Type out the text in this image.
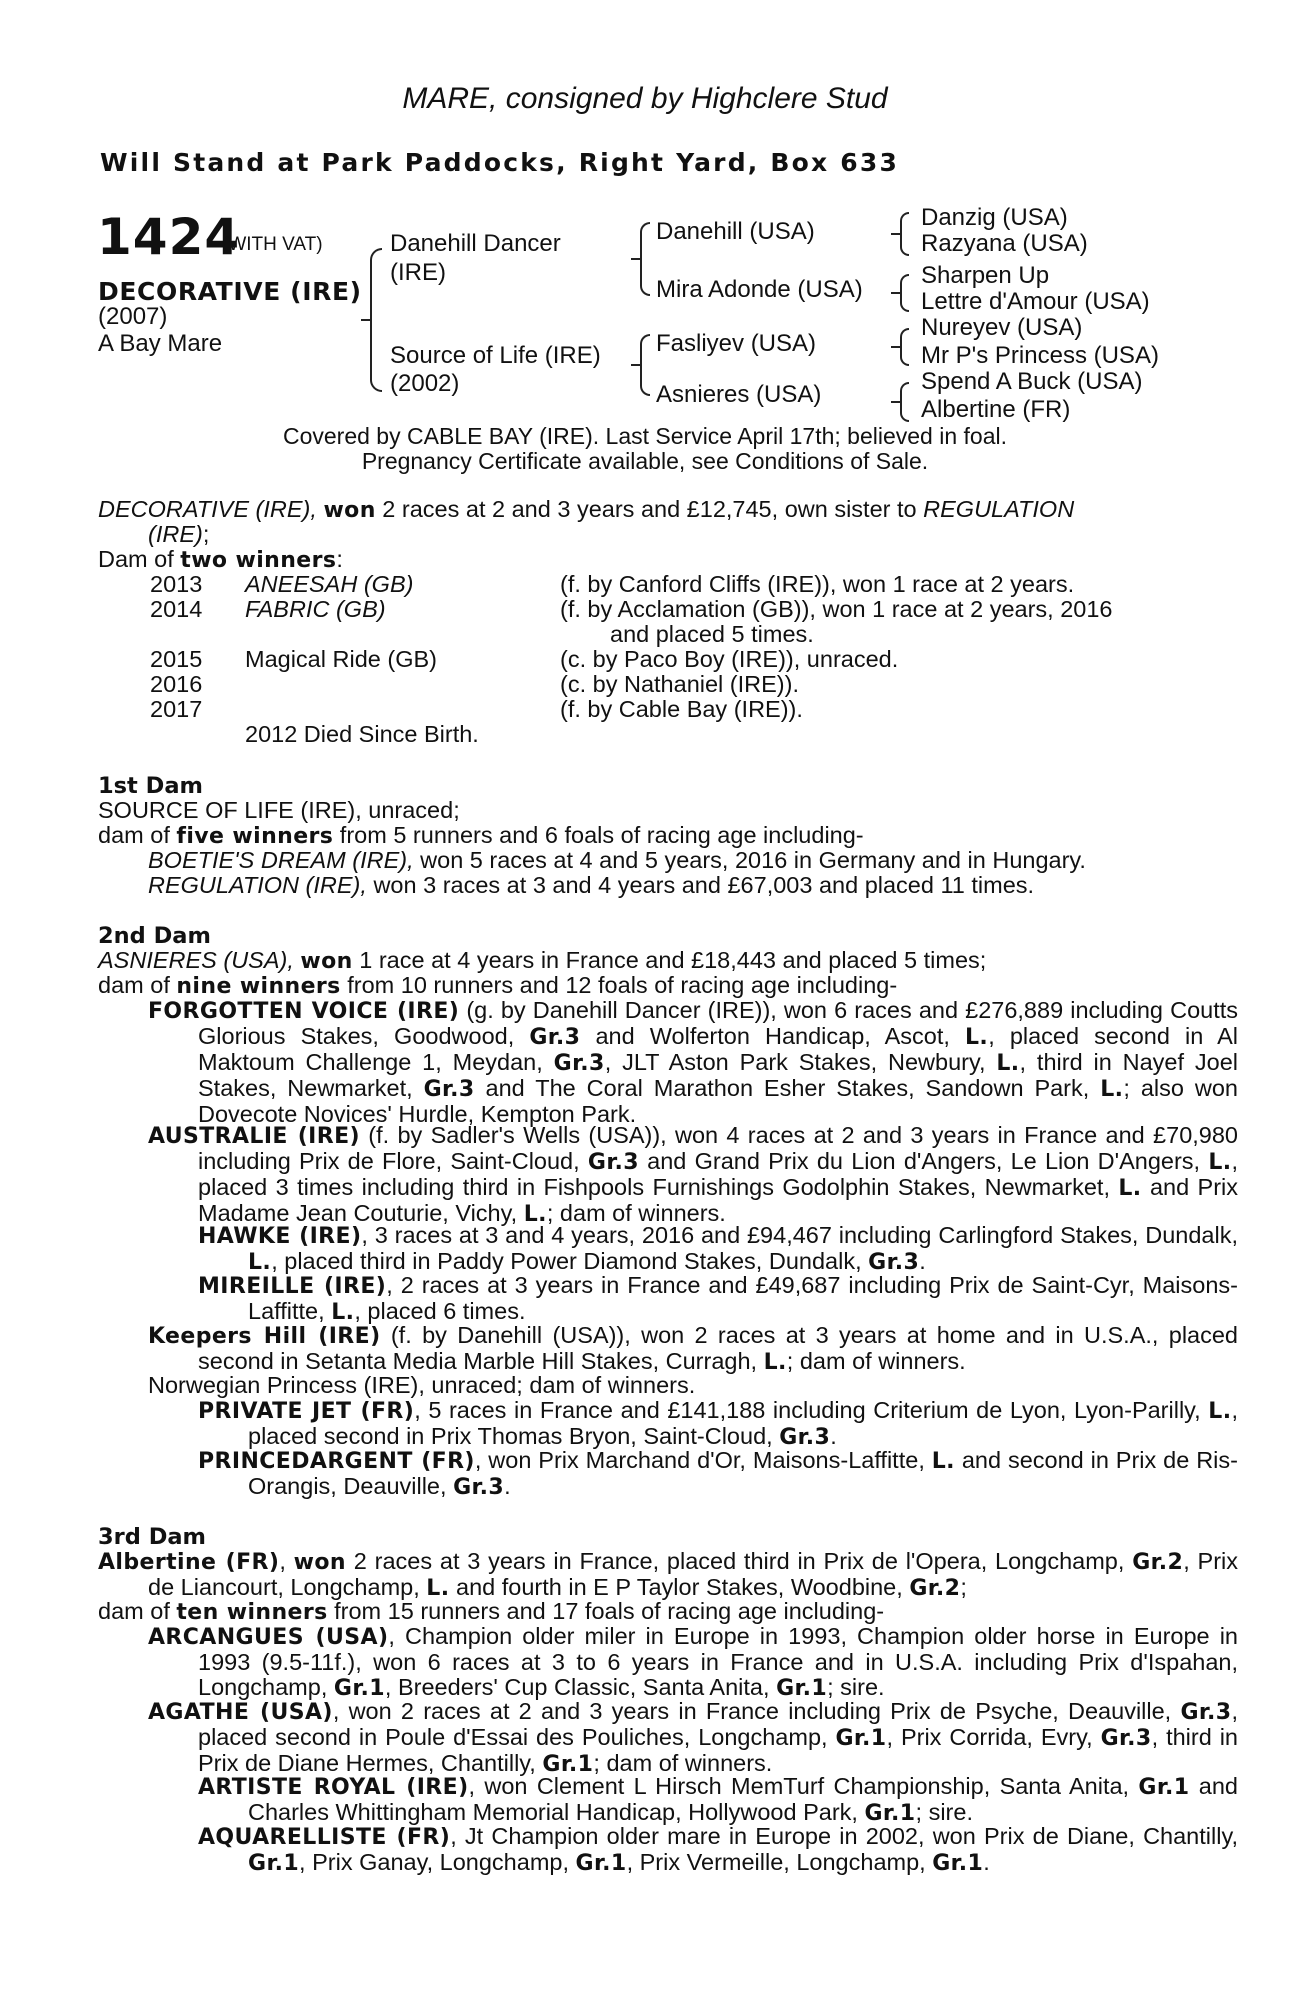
MARE, consigned by Highclere Stud
Will Stand at Park Paddocks, Right Yard, Box 633
1424
(WITH VAT)
DECORATIVE (IRE)
(2007)
A Bay Mare
Danehill Dancer
(IRE)
Source of Life (IRE)
(2002)
Danehill (USA)
Mira Adonde (USA)
Fasliyev (USA)
Asnieres (USA)
Danzig (USA)
Razyana (USA)
Sharpen Up
Lettre d'Amour (USA)
Nureyev (USA)
Mr P's Princess (USA)
Spend A Buck (USA)
Albertine (FR)
Covered by CABLE BAY (IRE). Last Service April 17th; believed in foal.
Pregnancy Certificate available, see Conditions of Sale.
DECORATIVE (IRE), won 2 races at 2 and 3 years and £12,745, own sister to REGULATION
(IRE);
Dam of two winners:
2013 ANEESAH (GB)	(f. by Canford Cliffs (IRE)), won 1 race at 2 years.
2014 FABRIC (GB)	(f. by Acclamation (GB)), won 1 race at 2 years, 2016
and placed 5 times.
2015 Magical Ride (GB)	(c. by Paco Boy (IRE)), unraced.
2016	(c. by Nathaniel (IRE)).
2017	(f. by Cable Bay (IRE)).
2012 Died Since Birth.
1st Dam
SOURCE OF LIFE (IRE), unraced;
dam of five winners from 5 runners and 6 foals of racing age including-
BOETIE'S DREAM (IRE), won 5 races at 4 and 5 years, 2016 in Germany and in Hungary.
REGULATION (IRE), won 3 races at 3 and 4 years and £67,003 and placed 11 times.
2nd Dam
ASNIERES (USA), won 1 race at 4 years in France and £18,443 and placed 5 times;
dam of nine winners from 10 runners and 12 foals of racing age including-
FORGOTTEN VOICE (IRE) (g. by Danehill Dancer (IRE)), won 6 races and £276,889 including Coutts Glorious Stakes, Goodwood, Gr.3 and Wolferton Handicap, Ascot, L., placed second in Al Maktoum Challenge 1, Meydan, Gr.3, JLT Aston Park Stakes, Newbury, L., third in Nayef Joel Stakes, Newmarket, Gr.3 and The Coral Marathon Esher Stakes, Sandown Park, L.; also won Dovecote Novices' Hurdle, Kempton Park.
AUSTRALIE (IRE) (f. by Sadler's Wells (USA)), won 4 races at 2 and 3 years in France and £70,980 including Prix de Flore, Saint-Cloud, Gr.3 and Grand Prix du Lion d'Angers, Le Lion D'Angers, L., placed 3 times including third in Fishpools Furnishings Godolphin Stakes, Newmarket, L. and Prix Madame Jean Couturie, Vichy, L.; dam of winners.
HAWKE (IRE), 3 races at 3 and 4 years, 2016 and £94,467 including Carlingford Stakes, Dundalk, L., placed third in Paddy Power Diamond Stakes, Dundalk, Gr.3.
MIREILLE (IRE), 2 races at 3 years in France and £49,687 including Prix de Saint-Cyr, Maisons-Laffitte, L., placed 6 times.
Keepers Hill (IRE) (f. by Danehill (USA)), won 2 races at 3 years at home and in U.S.A., placed second in Setanta Media Marble Hill Stakes, Curragh, L.; dam of winners.
Norwegian Princess (IRE), unraced; dam of winners.
PRIVATE JET (FR), 5 races in France and £141,188 including Criterium de Lyon, Lyon-Parilly, L., placed second in Prix Thomas Bryon, Saint-Cloud, Gr.3.
PRINCEDARGENT (FR), won Prix Marchand d'Or, Maisons-Laffitte, L. and second in Prix de Ris-Orangis, Deauville, Gr.3.
3rd Dam
Albertine (FR), won 2 races at 3 years in France, placed third in Prix de l'Opera, Longchamp, Gr.2, Prix de Liancourt, Longchamp, L. and fourth in E P Taylor Stakes, Woodbine, Gr.2;
dam of ten winners from 15 runners and 17 foals of racing age including-
ARCANGUES (USA), Champion older miler in Europe in 1993, Champion older horse in Europe in 1993 (9.5-11f.), won 6 races at 3 to 6 years in France and in U.S.A. including Prix d'Ispahan, Longchamp, Gr.1, Breeders' Cup Classic, Santa Anita, Gr.1; sire.
AGATHE (USA), won 2 races at 2 and 3 years in France including Prix de Psyche, Deauville, Gr.3, placed second in Poule d'Essai des Pouliches, Longchamp, Gr.1, Prix Corrida, Evry, Gr.3, third in Prix de Diane Hermes, Chantilly, Gr.1; dam of winners.
ARTISTE ROYAL (IRE), won Clement L Hirsch MemTurf Championship, Santa Anita, Gr.1 and Charles Whittingham Memorial Handicap, Hollywood Park, Gr.1; sire.
AQUARELLISTE (FR), Jt Champion older mare in Europe in 2002, won Prix de Diane, Chantilly, Gr.1, Prix Ganay, Longchamp, Gr.1, Prix Vermeille, Longchamp, Gr.1.
